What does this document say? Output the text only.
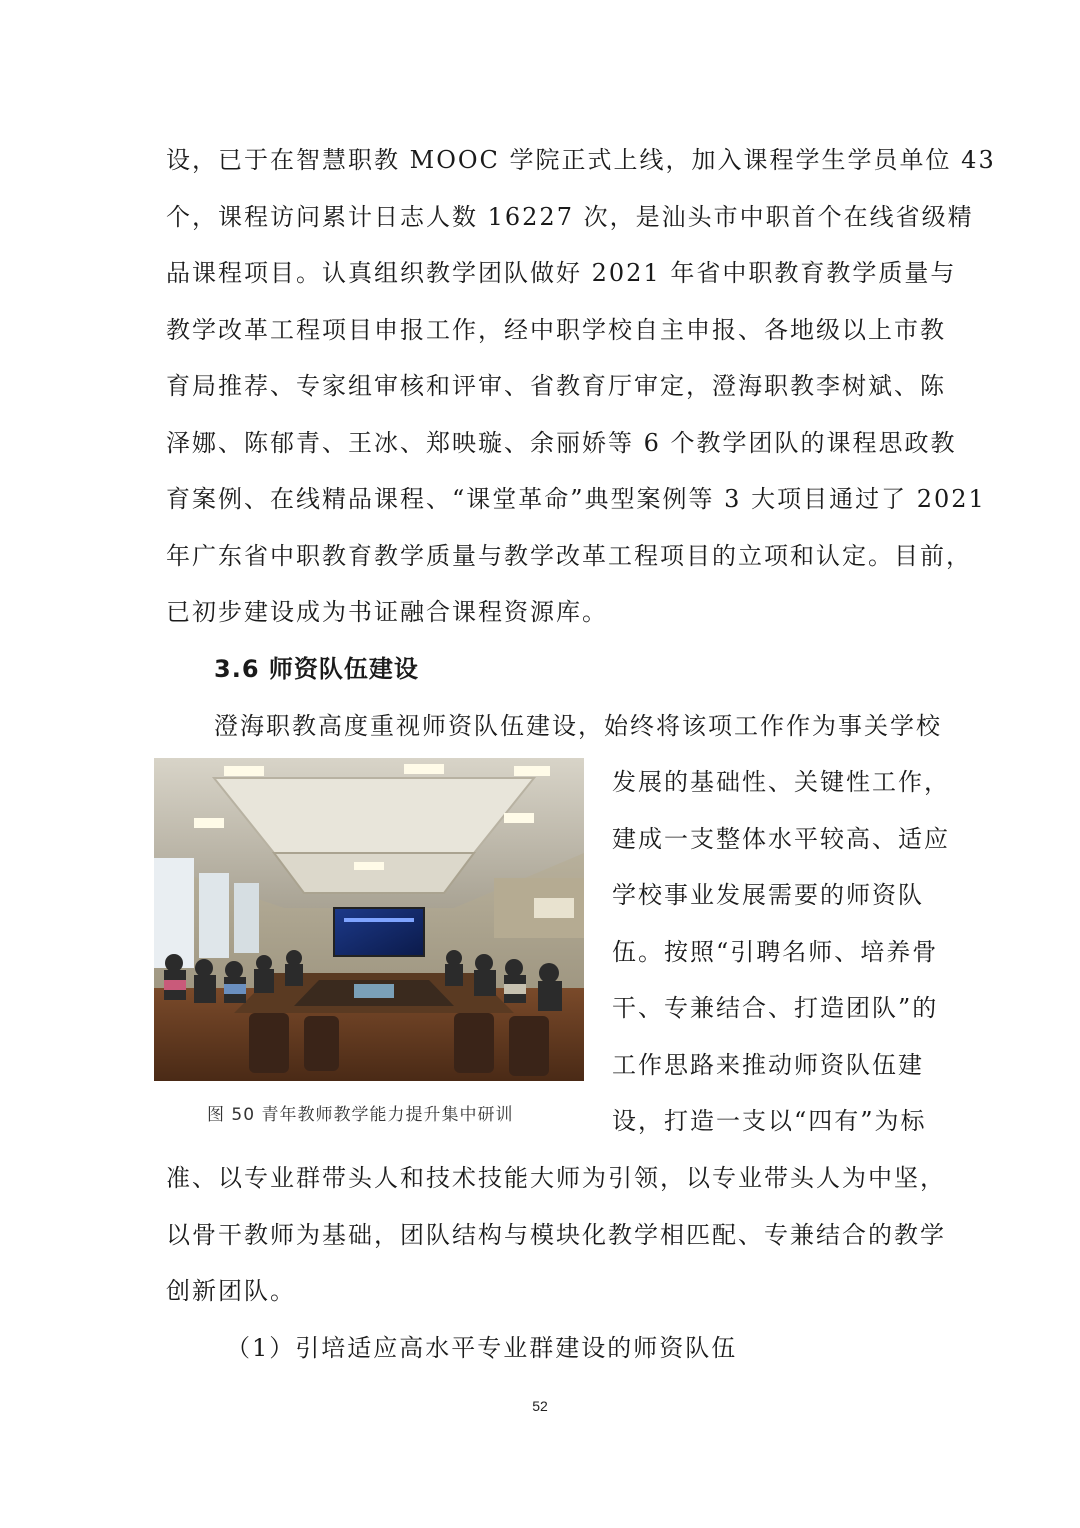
设，已于在智慧职教 MOOC 学院正式上线，加入课程学生学员单位 43
个，课程访问累计日志人数 16227 次，是汕头市中职首个在线省级精
品课程项目。认真组织教学团队做好 2021 年省中职教育教学质量与
教学改革工程项目申报工作，经中职学校自主申报、各地级以上市教
育局推荐、专家组审核和评审、省教育厅审定，澄海职教李树斌、陈
泽娜、陈郁青、王冰、郑映璇、余丽娇等 6 个教学团队的课程思政教
育案例、在线精品课程、“课堂革命”典型案例等 3 大项目通过了 2021
年广东省中职教育教学质量与教学改革工程项目的立项和认定。目前，
已初步建设成为书证融合课程资源库。
3.6 师资队伍建设
澄海职教高度重视师资队伍建设，始终将该项工作作为事关学校
发展的基础性、关键性工作，
建成一支整体水平较高、适应
学校事业发展需要的师资队
伍。按照“引聘名师、培养骨
干、专兼结合、打造团队”的
工作思路来推动师资队伍建
设，打造一支以“四有”为标
图 50 青年教师教学能力提升集中研训
准、以专业群带头人和技术技能大师为引领，以专业带头人为中坚，
以骨干教师为基础，团队结构与模块化教学相匹配、专兼结合的教学
创新团队。
（1）引培适应高水平专业群建设的师资队伍
52
